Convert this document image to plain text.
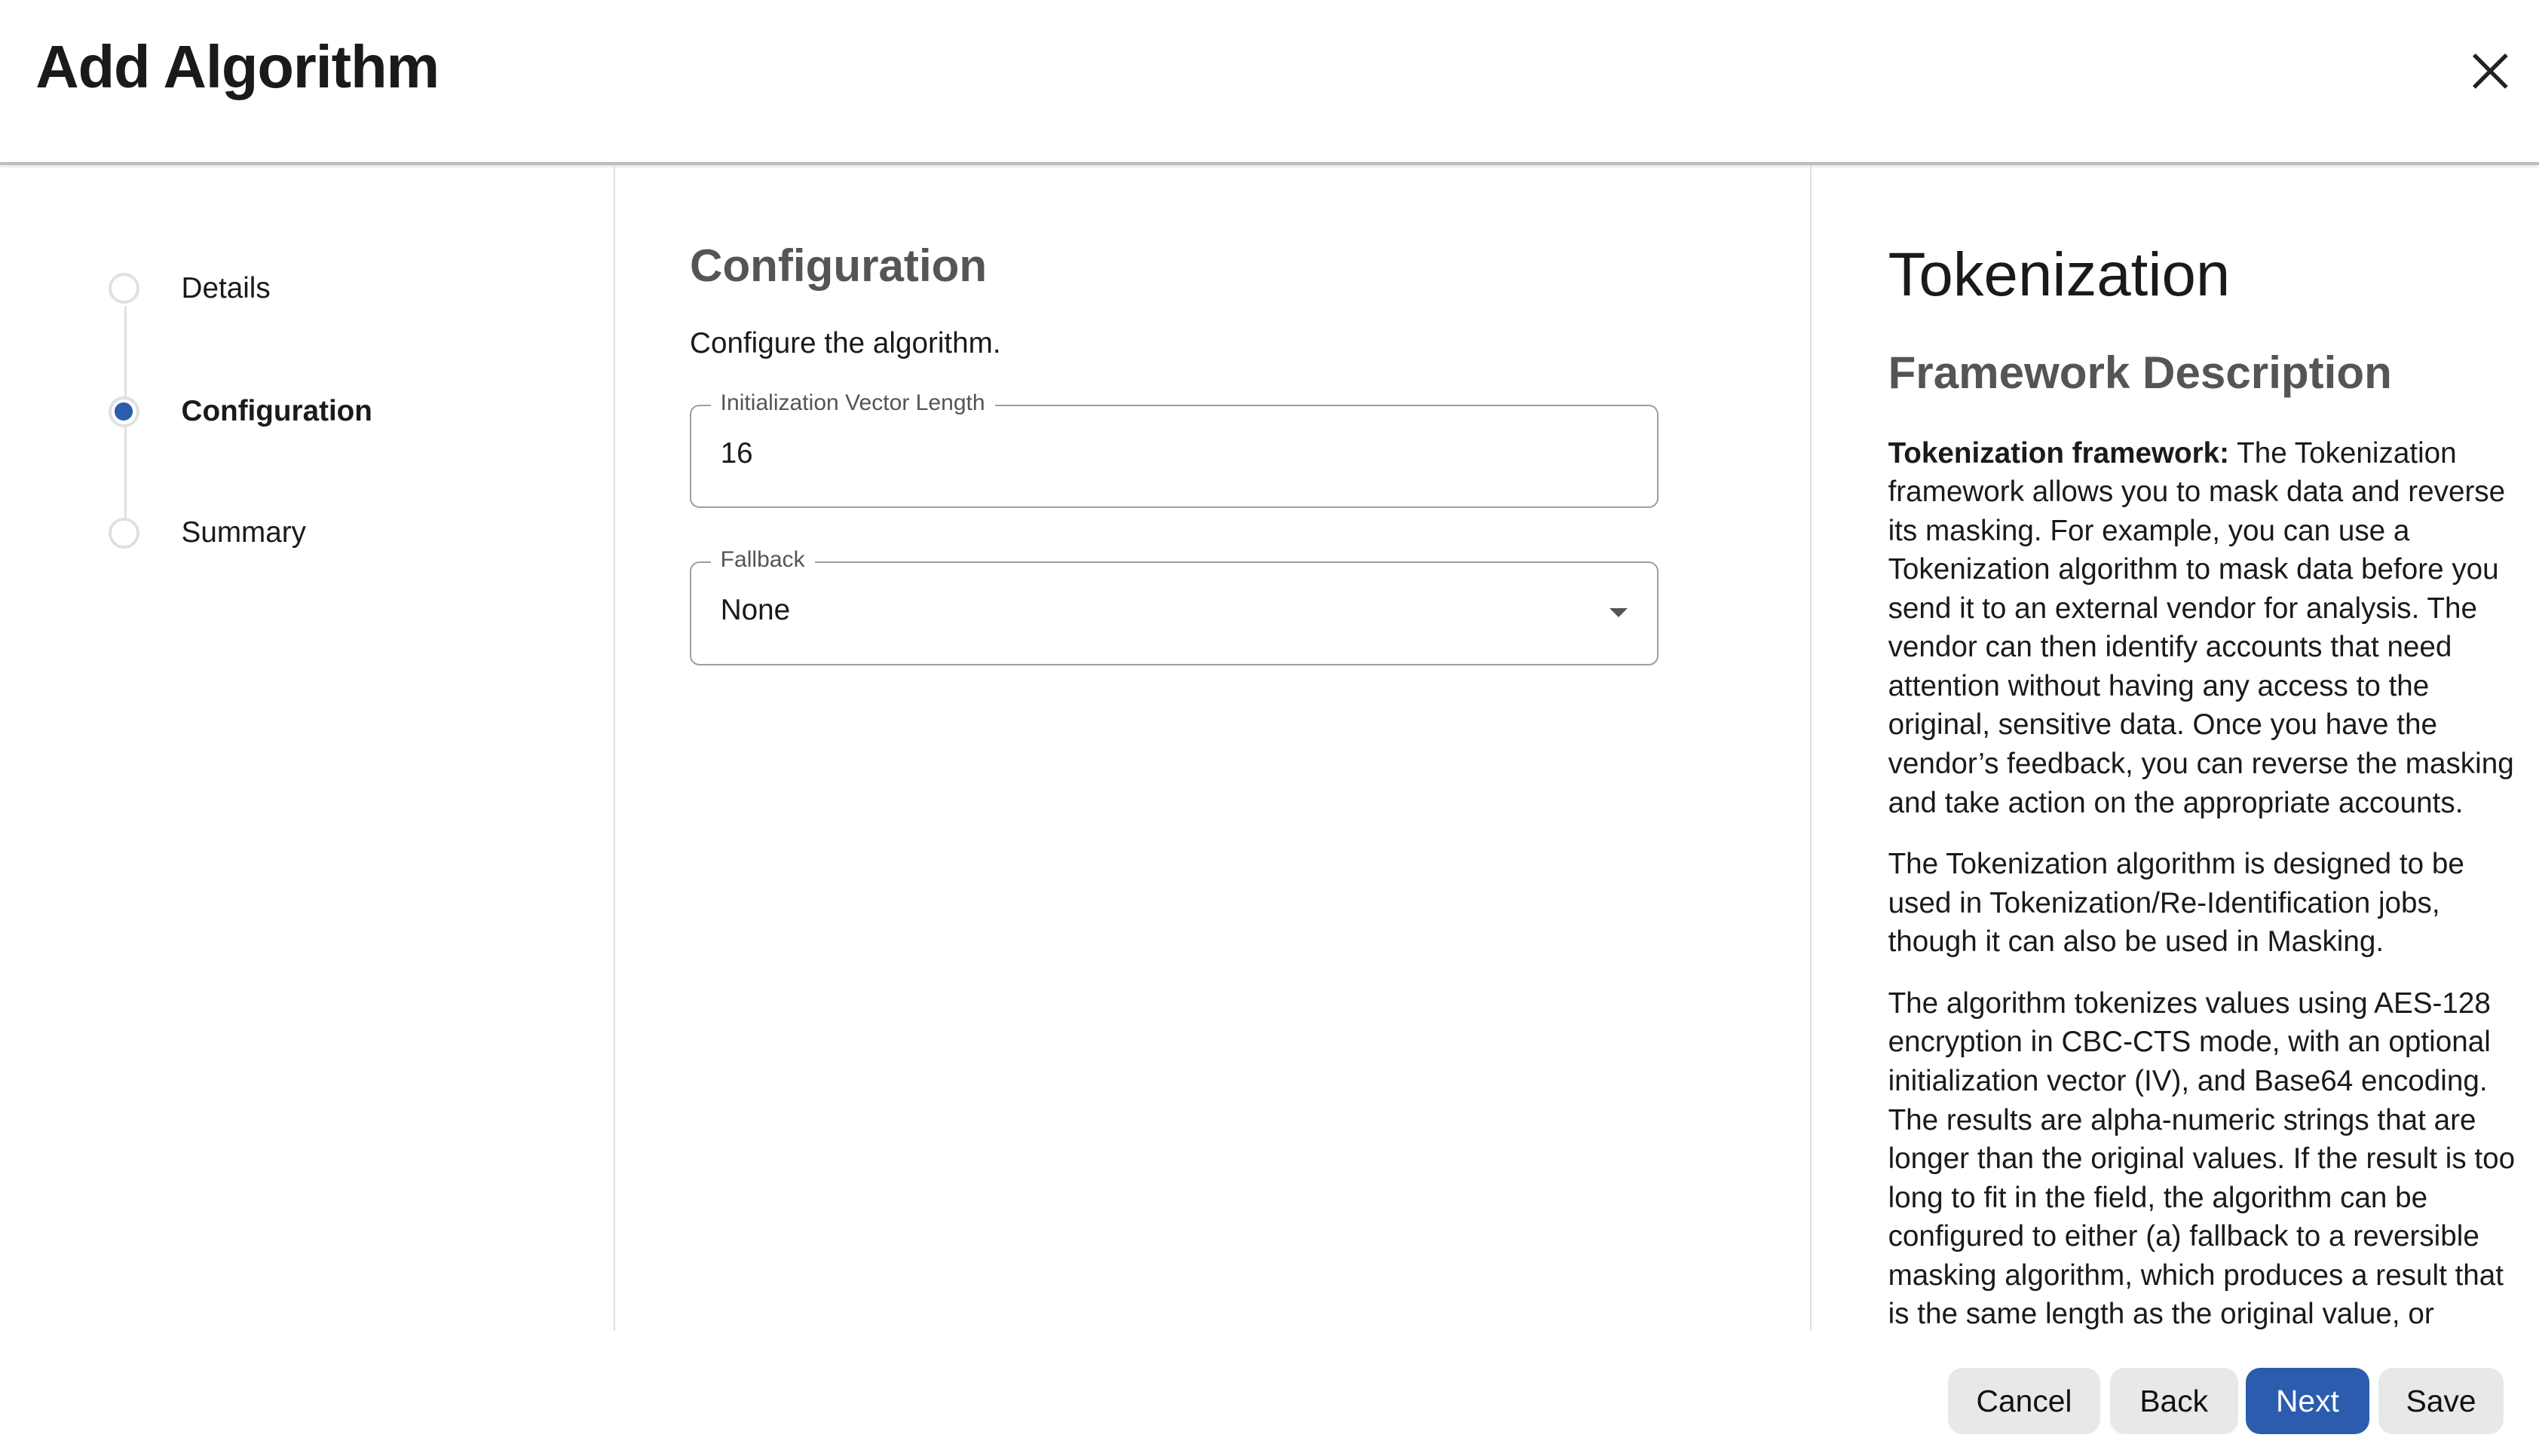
Add Algorithm
Details
Configuration
Summary
Configuration
Configure the algorithm.
Initialization Vector Length
16
Fallback
None
Tokenization
Framework Description

Tokenization framework: The Tokenization framework allows you to mask data and reverse its masking. For example, you can use a Tokenization algorithm to mask data before you send it to an external vendor for analysis. The vendor can then identify accounts that need attention without having any access to the original, sensitive data. Once you have the vendor’s feedback, you can reverse the masking and take action on the appropriate accounts.

The Tokenization algorithm is designed to be used in Tokenization/Re-Identification jobs, though it can also be used in Masking.

The algorithm tokenizes values using AES-128 encryption in CBC-CTS mode, with an optional initialization vector (IV), and Base64 encoding. The results are alpha-numeric strings that are longer than the original values. If the result is too long to fit in the field, the algorithm can be configured to either (a) fallback to a reversible masking algorithm, which produces a result that is the same length as the original value, or

Cancel	Back	Next	Save
